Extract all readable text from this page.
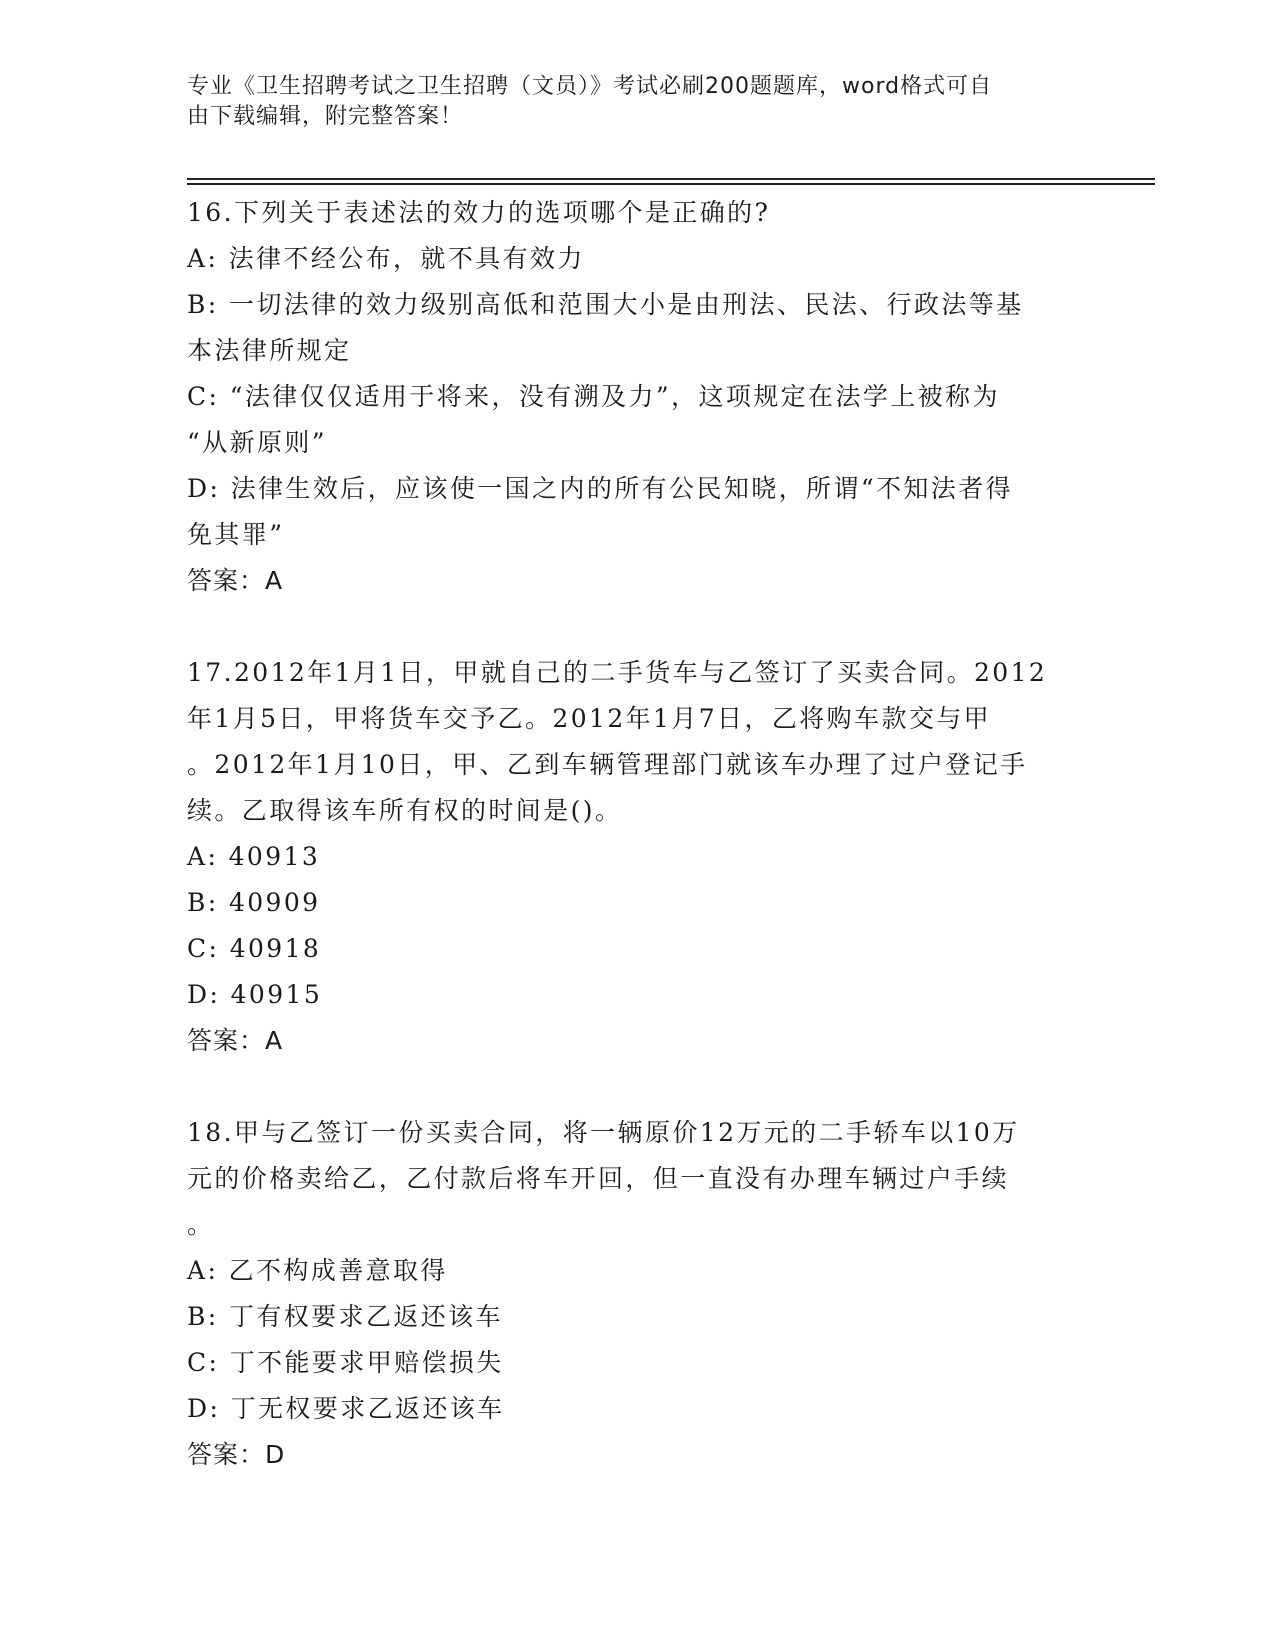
专业《卫生招聘考试之卫生招聘（文员）》考试必刷200题题库，word格式可自
由下载编辑，附完整答案！
16.下列关于表述法的效力的选项哪个是正确的?
A: 法律不经公布，就不具有效力
B: 一切法律的效力级别高低和范围大小是由刑法、民法、行政法等基
本法律所规定
C: “法律仅仅适用于将来，没有溯及力”，这项规定在法学上被称为
“从新原则”
D: 法律生效后，应该使一国之内的所有公民知晓，所谓“不知法者得
免其罪”
答案：A
17.2012年1月1日，甲就自己的二手货车与乙签订了买卖合同。2012
年1月5日，甲将货车交予乙。2012年1月7日，乙将购车款交与甲
。2012年1月10日，甲、乙到车辆管理部门就该车办理了过户登记手
续。乙取得该车所有权的时间是()。
A: 40913
B: 40909
C: 40918
D: 40915
答案：A
18.甲与乙签订一份买卖合同，将一辆原价12万元的二手轿车以10万
元的价格卖给乙，乙付款后将车开回，但一直没有办理车辆过户手续
。
A: 乙不构成善意取得
B: 丁有权要求乙返还该车
C: 丁不能要求甲赔偿损失
D: 丁无权要求乙返还该车
答案：D
